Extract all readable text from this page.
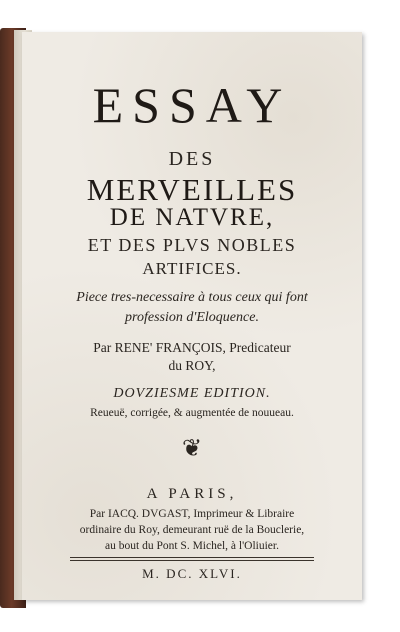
ESSAY
DES
MERVEILLES
DE NATVRE,
ET DES PLVS NOBLES
ARTIFICES.
Piece tres-necessaire à tous ceux qui font
profession d'Eloquence.
Par RENE' FRANÇOIS, Predicateur
du ROY,
DOVZIESME EDITION.
Reueuë, corrigée, & augmentée de nouueau.
❦
A PARIS,
Par IACQ. DVGAST, Imprimeur & Libraire
ordinaire du Roy, demeurant ruë de la Bouclerie,
au bout du Pont S. Michel, à l'Oliuier.
M. DC. XLVI.
